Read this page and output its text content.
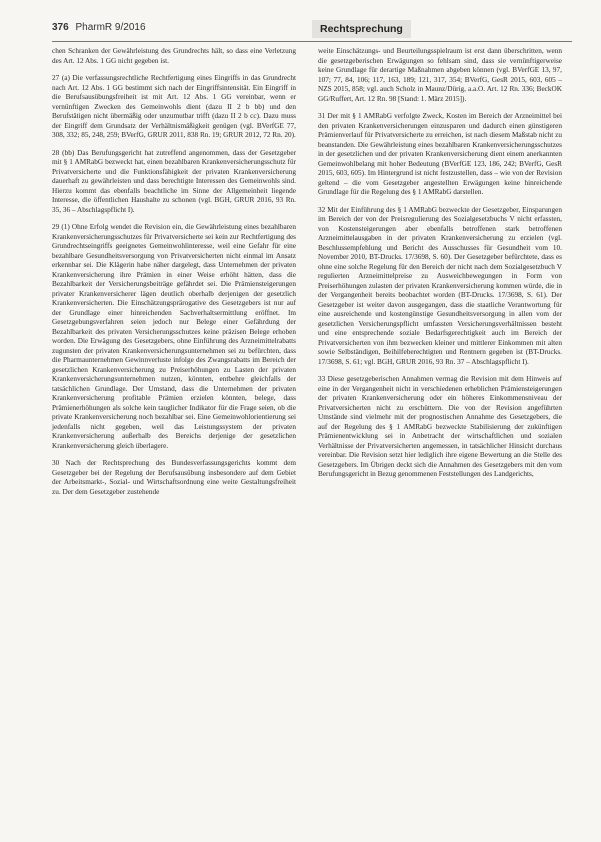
376 PharmR 9/2016	Rechtsprechung

chen Schranken der Gewährleistung des Grundrechts hält, so dass eine Verletzung des Art. 12 Abs. 1 GG nicht gegeben ist.

27 (a) Die verfassungsrechtliche Rechtfertigung eines Eingriffs in das Grundrecht nach Art. 12 Abs. 1 GG bestimmt sich nach der Eingriffsintensität. Ein Eingriff in die Berufsausübungsfreiheit ist mit Art. 12 Abs. 1 GG vereinbar, wenn er vernünftigen Zwecken des Gemeinwohls dient (dazu II 2 b bb) und den Berufstätigen nicht übermäßig oder unzumutbar trifft (dazu II 2 b cc). Dazu muss der Eingriff dem Grundsatz der Verhältnismäßigkeit genügen (vgl. BVerfGE 77, 308, 332; 85, 248, 259; BVerfG, GRUR 2011, 838 Rn. 19; GRUR 2012, 72 Rn. 20).

28 (bb) Das Berufungsgericht hat zutreffend angenommen, dass der Gesetzgeber mit § 1 AMRabG bezweckt hat, einen bezahlbaren Krankenversicherungsschutz für Privatversicherte und die Funktionsfähigkeit der privaten Krankenversicherung dauerhaft zu gewährleisten und dass berechtigte Interessen des Gemeinwohls sind. Hierzu kommt das ebenfalls beachtliche im Sinne der Allgemeinheit liegende Interesse, die öffentlichen Haushalte zu schonen (vgl. BGH, GRUR 2016, 93 Rn. 35, 36 – Abschlagspflicht I).

29 (1) Ohne Erfolg wendet die Revision ein, die Gewährleistung eines bezahlbaren Krankenversicherungsschutzes für Privatversicherte sei kein zur Rechtfertigung des Grundrechtseingriffs geeignetes Gemeinwohlinteresse, weil eine Gefahr für eine bezahlbare Gesundheitsversorgung von Privatversicherten nicht einmal im Ansatz erkennbar sei. Die Klägerin habe näher dargelegt, dass Unternehmen der privaten Krankenversicherung ihre Prämien in einer Weise erhöht hätten, dass die Bezahlbarkeit der Versicherungsbeiträge gefährdet sei. Die Prämiensteigerungen privater Krankenversicherer lägen deutlich oberhalb derjenigen der gesetzlich Krankenversicherten. Die Einschätzungsprärogative des Gesetzgebers ist nur auf der Grundlage einer hinreichenden Sachverhaltsermittlung eröffnet. Im Gesetzgebungsverfahren seien jedoch nur Belege einer Gefährdung der Bezahlbarkeit des privaten Versicherungsschutzes keine präzisen Belege erhoben worden. Die Erwägung des Gesetzgebers, ohne Einführung des Arzneimittelrabatts zugunsten der privaten Krankenversicherungsunternehmen sei zu befürchten, dass die Pharmaunternehmen Gewinnverluste infolge des Zwangsrabatts im Bereich der gesetzlichen Krankenversicherung zu Preiserhöhungen zu Lasten der privaten Krankenversicherungsunternehmen nutzen, könnten, entbehre gleichfalls der tatsächlichen Grundlage. Der Umstand, dass die Unternehmen der privaten Krankenversicherung profitable Prämien erzielen könnten, belege, dass Prämienerhöhungen als solche kein tauglicher Indikator für die Frage seien, ob die private Krankenversicherung noch bezahlbar sei. Eine Gemeinwohlorientierung sei jedenfalls nicht gegeben, weil das Leistungssystem der privaten Krankenversicherung außerhalb des Bereichs derjenige der gesetzlichen Krankenversicherung gleich überlagere.

30 Nach der Rechtsprechung des Bundesverfassungsgerichts kommt dem Gesetzgeber bei der Regelung der Berufsausübung insbesondere auf dem Gebiet der Arbeitsmarkt-, Sozial- und Wirtschaftsordnung eine weite Gestaltungsfreiheit zu. Der dem Gesetzgeber zustehende

weite Einschätzungs- und Beurteilungsspielraum ist erst dann überschritten, wenn die gesetzgeberischen Erwägungen so fehlsam sind, dass sie vernünftigerweise keine Grundlage für derartige Maßnahmen abgeben können (vgl. BVerfGE 13, 97, 107; 77, 84, 106; 117, 163, 189; 121, 317, 354; BVerfG, GesR 2015, 603, 605 – NZS 2015, 858; vgl. auch Scholz in Maunz/Dürig, a.a.O. Art. 12 Rn. 336; BeckOK GG/Ruffert, Art. 12 Rn. 98 [Stand: 1. März 2015]).

31 Der mit § 1 AMRabG verfolgte Zweck, Kosten im Bereich der Arzneimittel bei den privaten Krankenversicherungen einzusparen und dadurch einen günstigeren Prämienverlauf für Privatversicherte zu erreichen, ist nach diesem Maßstab nicht zu beanstanden. Die Gewährleistung eines bezahlbaren Krankenversicherungsschutzes in der gesetzlichen und der privaten Krankenversicherung dient einem anerkannten Gemeinwohlbelang mit hoher Bedeutung (BVerfGE 123, 186, 242; BVerfG, GesR 2015, 603, 605). Im Hintergrund ist nicht festzustellen, dass – wie von der Revision geltend – die vom Gesetzgeber angestellten Erwägungen keine hinreichende Grundlage für die Regelung des § 1 AMRabG darstellen.

32 Mit der Einführung des § 1 AMRabG bezweckte der Gesetzgeber, Einsparungen im Bereich der von der Preisregulierung des Sozialgesetzbuchs V nicht erfassten, von Kostensteigerungen aber ebenfalls betroffenen stark betroffenen Arzneimittelausgaben in der privaten Krankenversicherung zu erzielen (vgl. Beschlussempfehlung und Bericht des Ausschusses für Gesundheit vom 10. November 2010, BT-Drucks. 17/3698, S. 60). Der Gesetzgeber befürchtete, dass es ohne eine solche Regelung für den Bereich der nicht nach dem Sozialgesetzbuch V regulierten Arzneimittelpreise zu Ausweichbewegungen in Form von Preiserhöhungen zulasten der privaten Krankenversicherung kommen würde, die in der Vergangenheit bereits beobachtet worden (BT-Drucks. 17/3698, S. 61). Der Gesetzgeber ist weiter davon ausgegangen, dass die staatliche Verantwortung für eine ausreichende und kostengünstige Gesundheitsversorgung in allen vom der gesetzlichen Versicherungspflicht umfassten Versicherungsverhältnissen besteht und eine entsprechende soziale Bedarfsgerechtigkeit auch im Bereich der Privatversicherten von ihm bezwecken kleiner und mittlerer Einkommen mit alten sowie Selbständigen, Beihilfeberechtigten und Rentnern gegeben ist (BT-Drucks. 17/3698, S. 61; vgl. BGH, GRUR 2016, 93 Rn. 37 – Abschlagspflicht I).

33 Diese gesetzgeberischen Annahmen vermag die Revision mit dem Hinweis auf eine in der Vergangenheit nicht in verschiedenen erheblichen Prämiensteigerungen der privaten Krankenversicherung oder ein höheres Einkommensniveau der Privatversicherten nicht zu erschüttern. Die von der Revision angeführten Umstände sind vielmehr mit der prognostischen Annahme des Gesetzgebers, die auf der Regelung des § 1 AMRabG bezweckte Stabilisierung der zukünftigen Prämienentwicklung sei in Anbetracht der wirtschaftlichen und sozialen Verhältnisse der Privatversicherten angemessen, in tatsächlicher Hinsicht durchaus vereinbar. Die Revision setzt hier lediglich ihre eigene Bewertung an die Stelle des Gesetzgebers. Im Übrigen deckt sich die Annahmen des Gesetzgebers mit den vom Berufungsgericht in Bezug genommenen Feststellungen des Landgerichts,
